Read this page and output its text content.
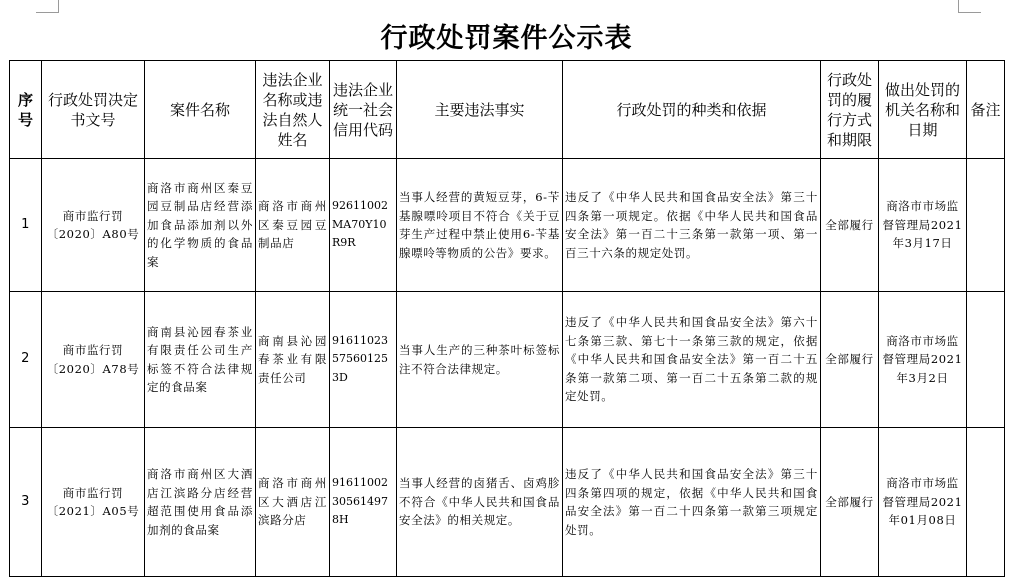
行政处罚案件公示表
序号	行政处罚决定书文号	案件名称	违法企业名称或违法自然人姓名	违法企业统一社会信用代码	主要违法事实	行政处罚的种类和依据	行政处罚的履行方式和期限	做出处罚的机关名称和日期	备注
1	商市监行罚〔2020〕A80号	商洛市商州区秦豆园豆制品店经营添加食品添加剂以外的化学物质的食品案	商洛市商州区秦豆园豆制品店	92611002MA70Y10R9R	当事人经营的黄短豆芽，6-苄基腺嘌呤项目不符合《关于豆芽生产过程中禁止使用6-苄基腺嘌呤等物质的公告》要求。	违反了《中华人民共和国食品安全法》第三十四条第一项规定。依据《中华人民共和国食品安全法》第一百二十三条第一款第一项、第一百三十六条的规定处罚。	全部履行	商洛市市场监督管理局2021年3月17日	
2	商市监行罚〔2020〕A78号	商南县沁园春茶业有限责任公司生产标签不符合法律规定的食品案	商南县沁园春茶业有限责任公司	91611023575601253D	当事人生产的三种茶叶标签标注不符合法律规定。	违反了《中华人民共和国食品安全法》第六十七条第三款、第七十一条第三款的规定，依据《中华人民共和国食品安全法》第一百二十五条第一款第二项、第一百二十五条第二款的规定处罚。	全部履行	商洛市市场监督管理局2021年3月2日	
3	商市监行罚〔2021〕A05号	商洛市商州区大酒店江滨路分店经营超范围使用食品添加剂的食品案	商洛市商州区大酒店江滨路分店	91611002305614978H	当事人经营的卤猪舌、卤鸡胗不符合《中华人民共和国食品安全法》的相关规定。	违反了《中华人民共和国食品安全法》第三十四条第四项的规定，依据《中华人民共和国食品安全法》第一百二十四条第一款第三项规定处罚。	全部履行	商洛市市场监督管理局2021年01月08日	
